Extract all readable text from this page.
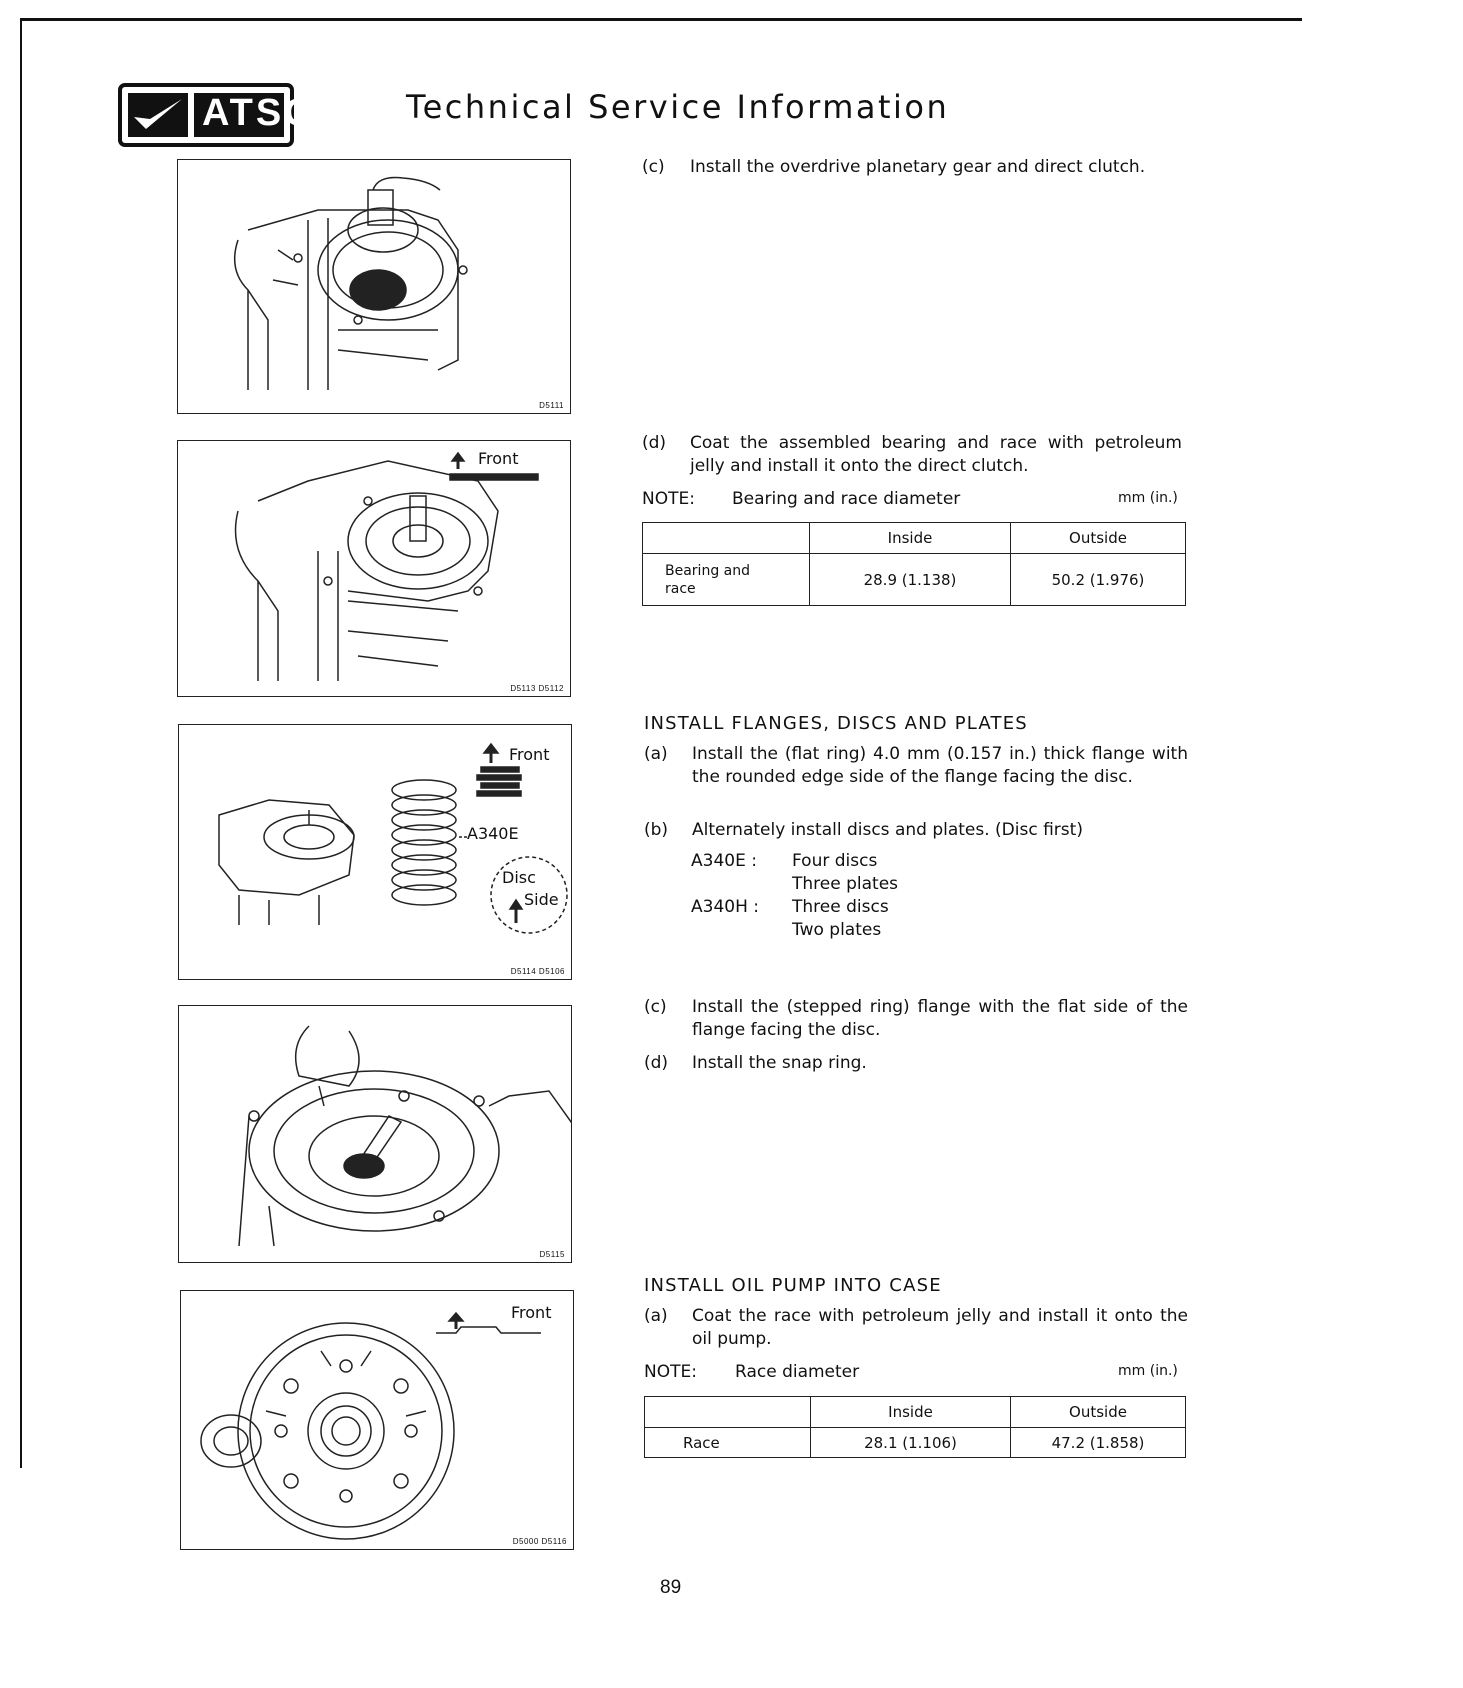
ATSG	Technical Service Information
D5111
Front
D5113 D5112
Front
A340E
Disc
Side
D5114 D5106
D5115
Front
D5000 D5116
(c)	Install the overdrive planetary gear and direct clutch.
(d)	Coat the assembled bearing and race with petroleum jelly and install it onto the direct clutch.
NOTE: Bearing and race diameter	mm (in.)
	Inside	Outside
Bearing and race	28.9 (1.138)	50.2 (1.976)
INSTALL FLANGES, DISCS AND PLATES
(a)	Install the (flat ring) 4.0 mm (0.157 in.) thick flange with the rounded edge side of the flange facing the disc.
(b)	Alternately install discs and plates. (Disc first)
A340E : Four discs
Three plates
A340H : Three discs
Two plates
(c)	Install the (stepped ring) flange with the flat side of the flange facing the disc.
(d)	Install the snap ring.
INSTALL OIL PUMP INTO CASE
(a)	Coat the race with petroleum jelly and install it onto the oil pump.
NOTE: Race diameter	mm (in.)
	Inside	Outside
Race	28.1 (1.106)	47.2 (1.858)
89
